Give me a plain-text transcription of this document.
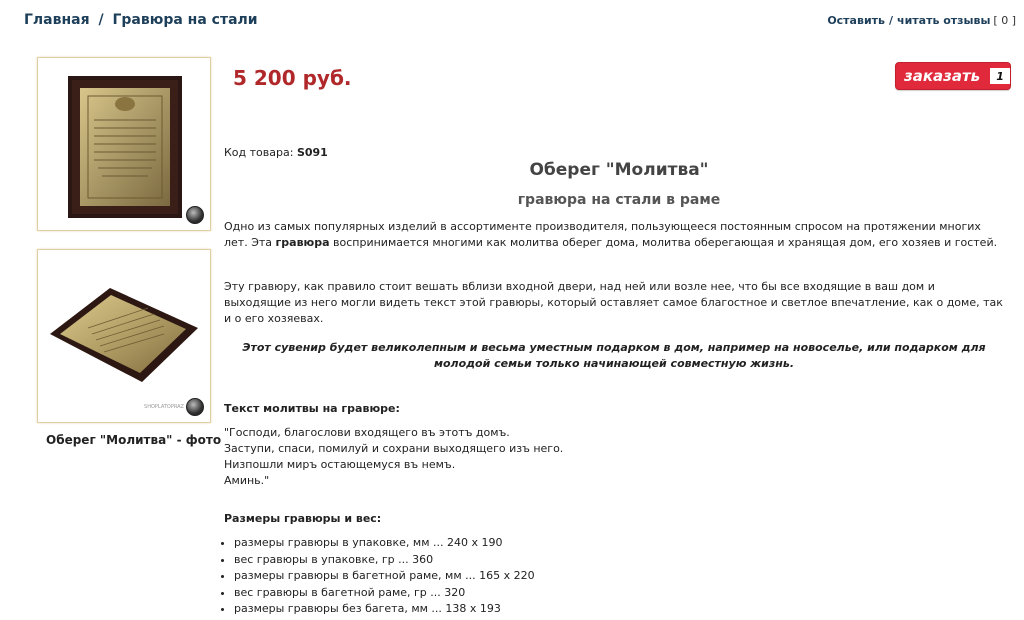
Главная / Гравюра на стали	Оставить / читать отзывы [ 0 ]
SHOPLATOPRAZ
Оберег "Молитва" - фото
5 200 руб.	заказать	1
Код товара: S091
Оберег "Молитва"
гравюра на стали в раме
Одно из самых популярных изделий в ассортименте производителя, пользующееся постоянным спросом на протяжении многих лет. Эта гравюра воспринимается многими как молитва оберег дома, молитва оберегающая и хранящая дом, его хозяев и гостей.
Эту гравюру, как правило стоит вешать вблизи входной двери, над ней или возле нее, что бы все входящие в ваш дом и выходящие из него могли видеть текст этой гравюры, который оставляет самое благостное и светлое впечатление, как о доме, так и о его хозяевах.
Этот сувенир будет великолепным и весьма уместным подарком в дом, например на новоселье, или подарком для молодой семьи только начинающей совместную жизнь.
Текст молитвы на гравюре:
"Господи, благослови входящего въ этотъ домъ.
Заступи, спаси, помилуй и сохрани выходящего изъ него.
Низпошли миръ остающемуся въ немъ.
Аминь."
Размеры гравюры и вес:
• размеры гравюры в упаковке, мм ... 240 х 190
• вес гравюры в упаковке, гр ... 360
• размеры гравюры в багетной раме, мм ... 165 х 220
• вес гравюры в багетной раме, гр ... 320
• размеры гравюры без багета, мм ... 138 х 193
